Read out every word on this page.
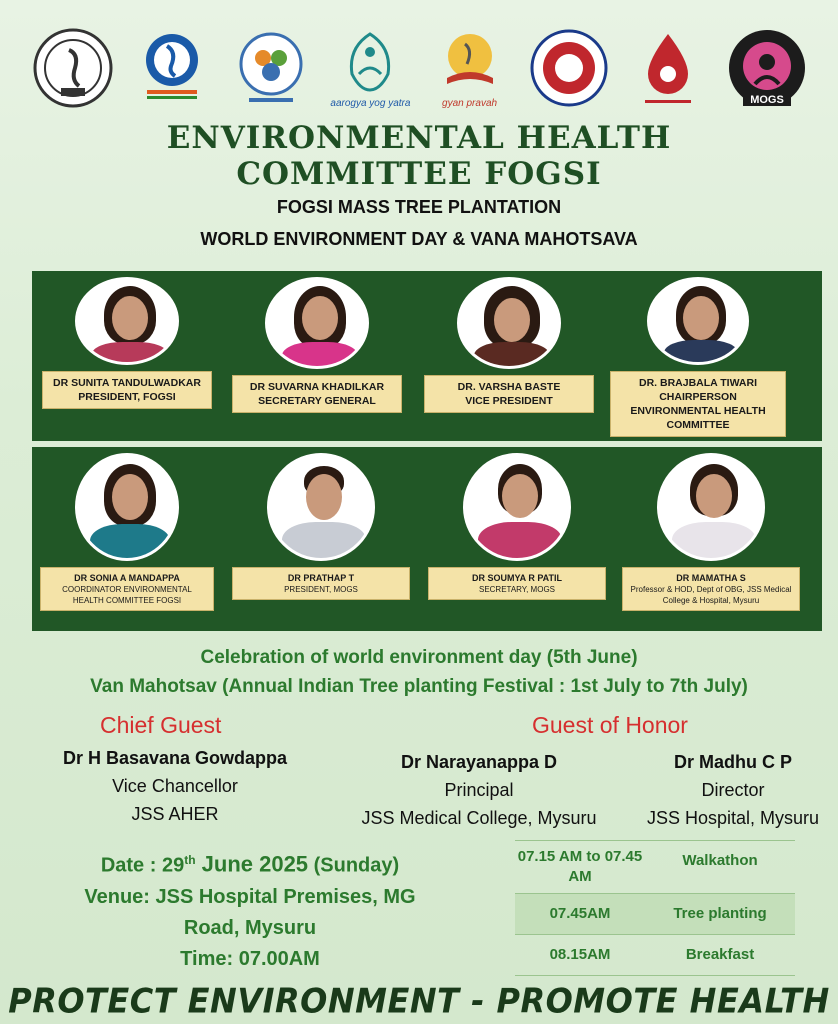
aarogya yog yatra	gyan pravah	MOGS
ENVIRONMENTAL HEALTH
COMMITTEE FOGSI
FOGSI MASS TREE PLANTATION
WORLD ENVIRONMENT DAY & VANA MAHOTSAVA
DR SUNITA TANDULWADKAR
PRESIDENT, FOGSI
DR SUVARNA KHADILKAR
SECRETARY GENERAL
DR. VARSHA BASTE
VICE PRESIDENT
DR. BRAJBALA TIWARI
CHAIRPERSON ENVIRONMENTAL HEALTH COMMITTEE
DR SONIA A MANDAPPA
COORDINATOR ENVIRONMENTAL HEALTH COMMITTEE FOGSI
DR PRATHAP T
PRESIDENT, MOGS
DR SOUMYA R PATIL
SECRETARY, MOGS
DR MAMATHA S
Professor & HOD, Dept of OBG, JSS Medical College & Hospital, Mysuru
Celebration of world environment day (5th June)
Van Mahotsav (Annual Indian Tree planting Festival : 1st July to 7th July)
Chief Guest
Dr H Basavana Gowdappa
Vice Chancellor
JSS AHER
Guest of Honor
Dr Narayanappa D
Principal
JSS Medical College, Mysuru
Dr Madhu C P
Director
JSS Hospital, Mysuru
Date : 29th June 2025 (Sunday)
Venue: JSS Hospital Premises, MG
Road, Mysuru
Time: 07.00AM
07.15 AM to 07.45 AM
Walkathon
07.45AM	Tree planting
08.15AM	Breakfast
PROTECT ENVIRONMENT - PROMOTE HEALTH
